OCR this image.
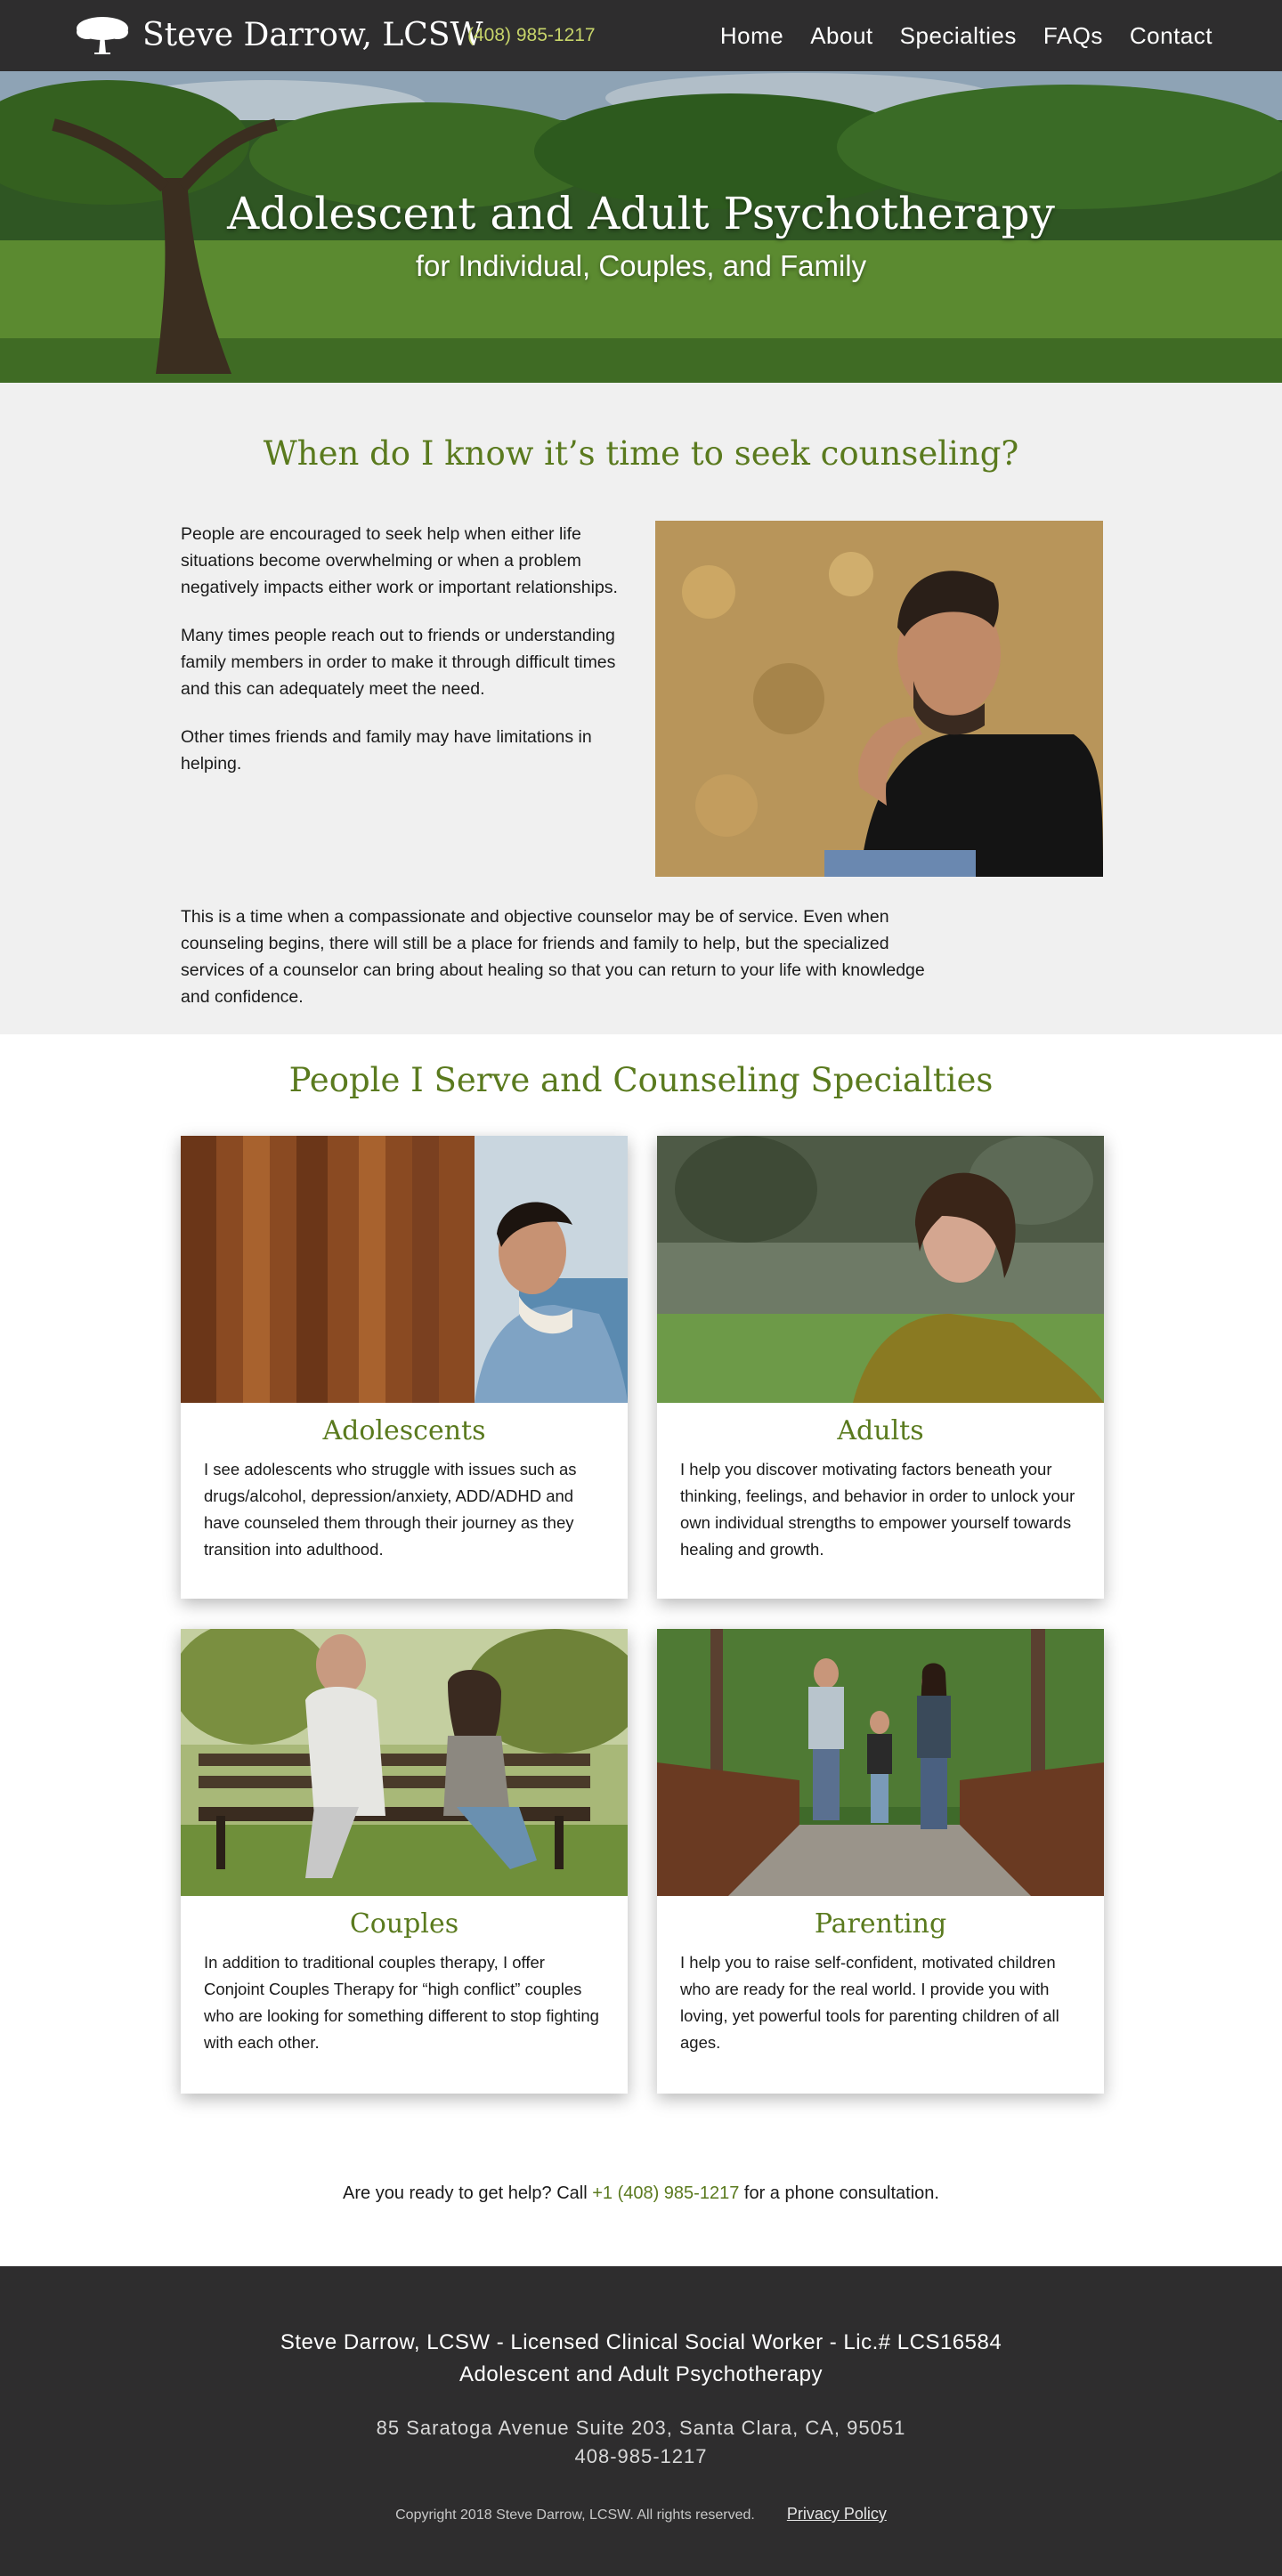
Steve Darrow, LCSW
(408) 985-1217	Home About Specialties FAQs Contact
Adolescent and Adult Psychotherapy
for Individual, Couples, and Family
When do I know it’s time to seek counseling?

People are encouraged to seek help when either life situations become overwhelming or when a problem negatively impacts either work or important relationships.

Many times people reach out to friends or understanding family members in order to make it through difficult times and this can adequately meet the need.

Other times friends and family may have limitations in helping.

This is a time when a compassionate and objective counselor may be of service. Even when counseling begins, there will still be a place for friends and family to help, but the specialized services of a counselor can bring about healing so that you can return to your life with knowledge and confidence.

People I Serve and Counseling Specialties
Adolescents

I see adolescents who struggle with issues such as drugs/alcohol, depression/anxiety, ADD/ADHD and have counseled them through their journey as they transition into adulthood.

Adults

I help you discover motivating factors beneath your thinking, feelings, and behavior in order to unlock your own individual strengths to empower yourself towards healing and growth.

Couples

In addition to traditional couples therapy, I offer Conjoint Couples Therapy for “high conflict” couples who are looking for something different to stop fighting with each other.

Parenting

I help you to raise self-confident, motivated children who are ready for the real world. I provide you with loving, yet powerful tools for parenting children of all ages.

Are you ready to get help? Call +1 (408) 985-1217 for a phone consultation.
Steve Darrow, LCSW - Licensed Clinical Social Worker - Lic.# LCS16584
Adolescent and Adult Psychotherapy
85 Saratoga Avenue Suite 203, Santa Clara, CA, 95051
408-985-1217
Copyright 2018 Steve Darrow, LCSW. All rights reserved. Privacy Policy
